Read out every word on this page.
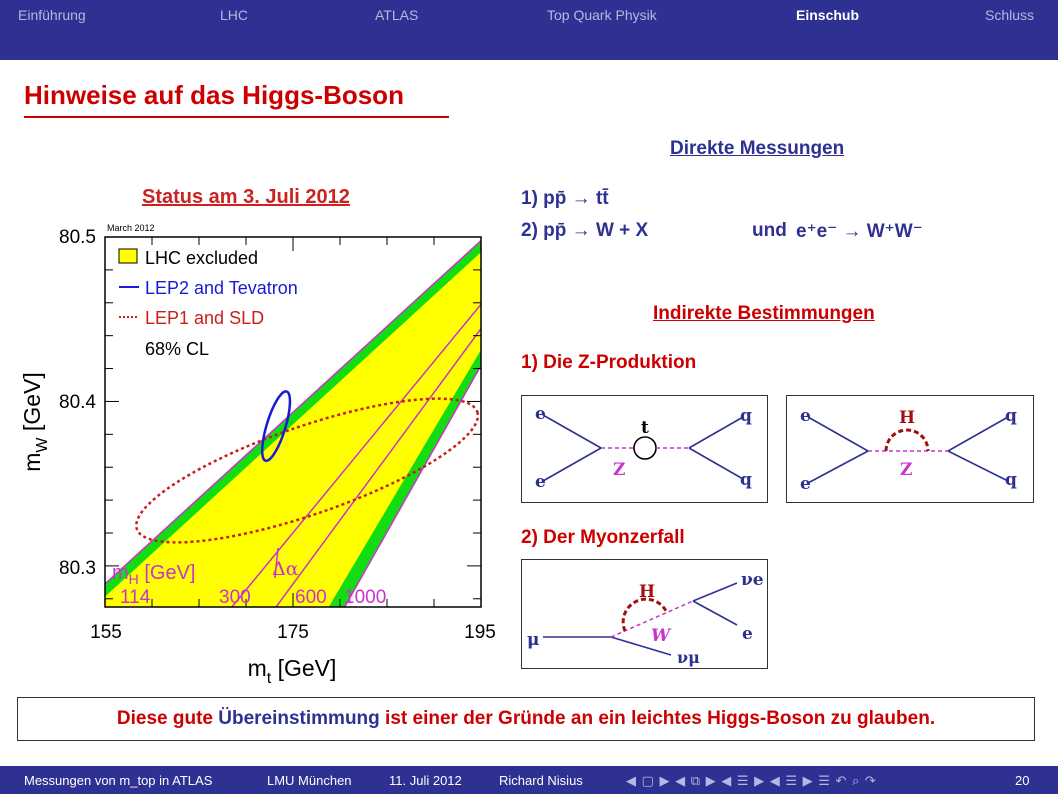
Einführung	LHC	ATLAS	Top Quark Physik	Einschub	Schluss
Hinweise auf das Higgs-Boson
Status am 3. Juli 2012
155	175	195
80.3
80.4
80.5
$m_t$ [GeV]
$m_W$ [GeV]
March 2012
LHC excluded
LEP2 and Tevatron
LEP1 and SLD
68% CL
$m_H$ [GeV]
114	300 600 1000
Δα
Direkte Messungen
1) pp̄ → tt̄
2) pp̄ → W + X	und e⁺e⁻ → W⁺W⁻
Indirekte Bestimmungen
1) Die Z-Produktion
2) Der Myonzerfall
e
e
q
q
t
Z
e
e
q
q
H
Z
μ
νe
e
νμ
H
W
Diese gute Übereinstimmung ist einer der Gründe an ein leichtes Higgs-Boson zu glauben.
Messungen von m_top in ATLAS	LMU München	11. Juli 2012	Richard Nisius	◀ ▢ ▶ ◀ ⧉ ▶ ◀ ☰ ▶ ◀ ☰ ▶ ☰ ↶ ⌕ ↷	20
